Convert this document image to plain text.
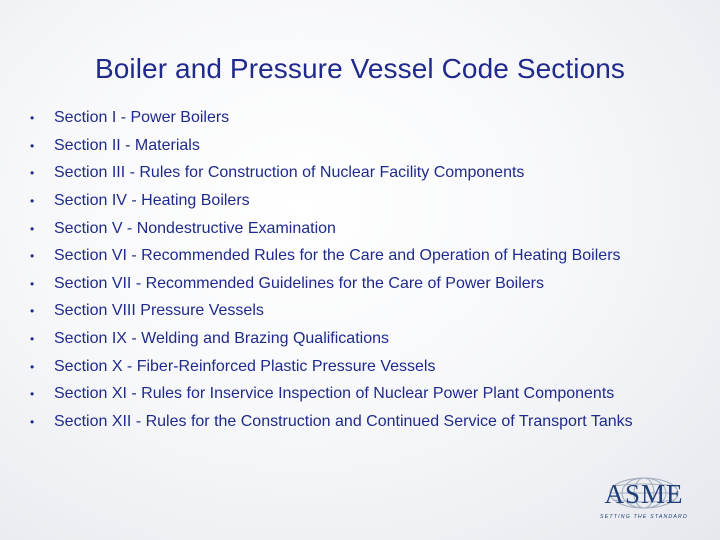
Boiler and Pressure Vessel Code Sections
• Section I - Power Boilers
• Section II - Materials
• Section III - Rules for Construction of Nuclear Facility Components
• Section IV - Heating Boilers
• Section V - Nondestructive Examination
• Section VI - Recommended Rules for the Care and Operation of Heating Boilers
• Section VII - Recommended Guidelines for the Care of Power Boilers
• Section VIII Pressure Vessels
• Section IX - Welding and Brazing Qualifications
• Section X - Fiber-Reinforced Plastic Pressure Vessels
• Section XI - Rules for Inservice Inspection of Nuclear Power Plant Components
• Section XII - Rules for the Construction and Continued Service of Transport Tanks
ASME
SETTING THE STANDARD
